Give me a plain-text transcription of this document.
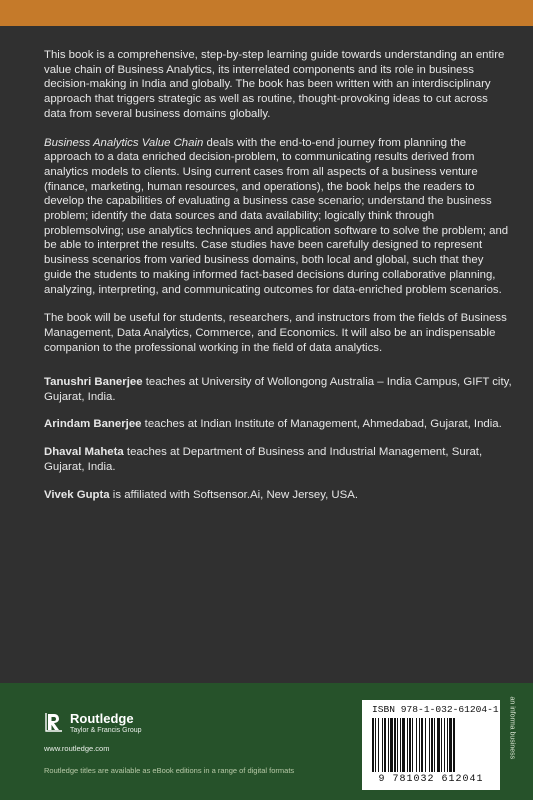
This book is a comprehensive, step-by-step learning guide towards understanding an entire value chain of Business Analytics, its interrelated components and its role in business decision-making in India and globally. The book has been written with an interdisciplinary approach that triggers strategic as well as routine, thought-provoking ideas to cut across data from several business domains globally.

Business Analytics Value Chain deals with the end-to-end journey from planning the approach to a data enriched decision-problem, to communicating results derived from analytics models to clients. Using current cases from all aspects of a business venture (finance, marketing, human resources, and operations), the book helps the readers to develop the capabilities of evaluating a business case scenario; understand the business problem; identify the data sources and data availability; logically think through problemsolving; use analytics techniques and application software to solve the problem; and be able to interpret the results. Case studies have been carefully designed to represent business scenarios from varied business domains, both local and global, such that they guide the students to making informed fact-based decisions during collaborative planning, analyzing, interpreting, and communicating outcomes for data-enriched problem scenarios.

The book will be useful for students, researchers, and instructors from the fields of Business Management, Data Analytics, Commerce, and Economics. It will also be an indispensable companion to the professional working in the field of data analytics.

Tanushri Banerjee teaches at University of Wollongong Australia – India Campus, GIFT city, Gujarat, India.
Arindam Banerjee teaches at Indian Institute of Management, Ahmedabad, Gujarat, India.
Dhaval Maheta teaches at Department of Business and Industrial Management, Surat, Gujarat, India.
Vivek Gupta is affiliated with Softsensor.Ai, New Jersey, USA.
Routledge
Taylor & Francis Group
www.routledge.com
Routledge titles are available as eBook editions in a range of digital formats
ISBN 978-1-032-61204-1
9 781032 612041
an informa business
